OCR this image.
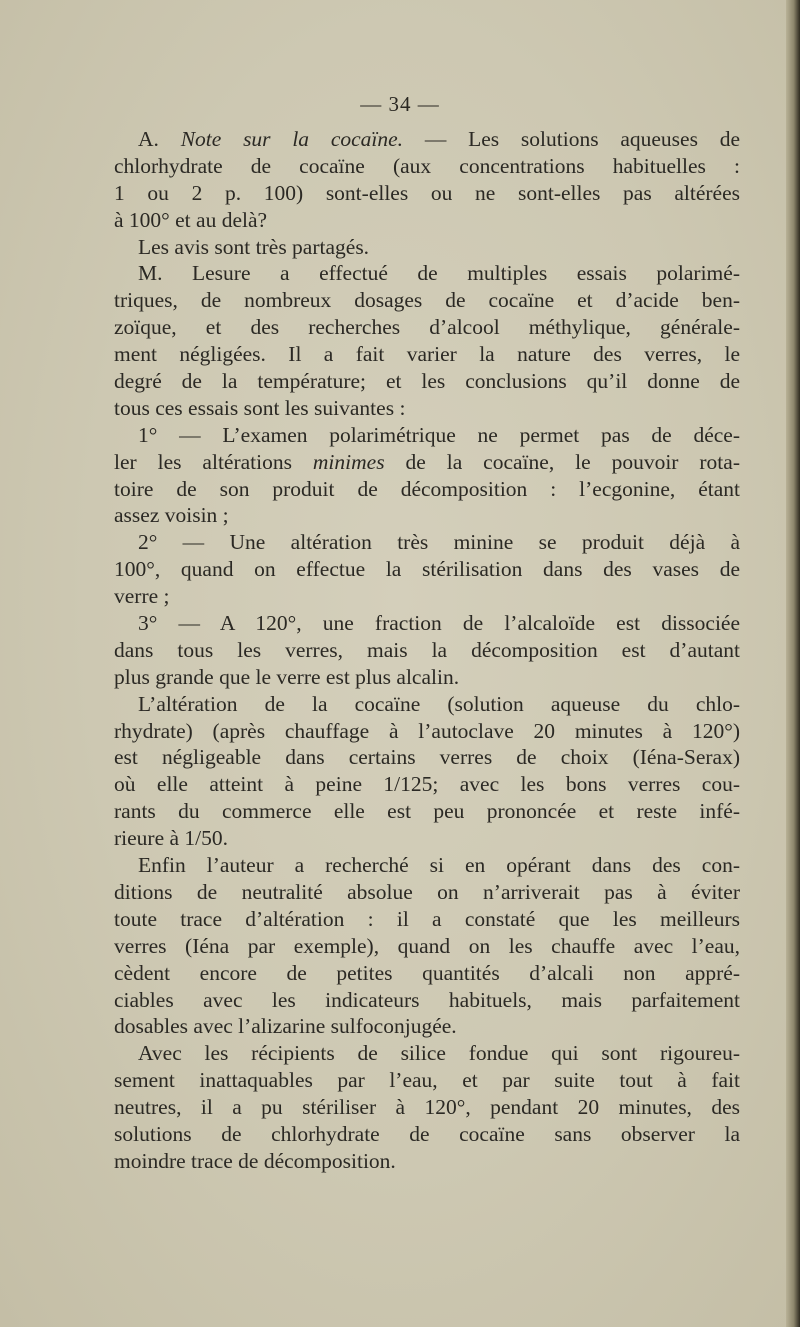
— 34 —
A. Note sur la cocaïne. — Les solutions aqueuses de
chlorhydrate de cocaïne (aux concentrations habituelles :
1 ou 2 p. 100) sont-elles ou ne sont-elles pas altérées
à 100° et au delà?
Les avis sont très partagés.
M. Lesure a effectué de multiples essais polarimé-
triques, de nombreux dosages de cocaïne et d’acide ben-
zoïque, et des recherches d’alcool méthylique, générale-
ment négligées. Il a fait varier la nature des verres, le
degré de la température; et les conclusions qu’il donne de
tous ces essais sont les suivantes :
1° — L’examen polarimétrique ne permet pas de déce-
ler les altérations minimes de la cocaïne, le pouvoir rota-
toire de son produit de décomposition : l’ecgonine, étant
assez voisin ;
2° — Une altération très minine se produit déjà à
100°, quand on effectue la stérilisation dans des vases de
verre ;
3° — A 120°, une fraction de l’alcaloïde est dissociée
dans tous les verres, mais la décomposition est d’autant
plus grande que le verre est plus alcalin.
L’altération de la cocaïne (solution aqueuse du chlo-
rhydrate) (après chauffage à l’autoclave 20 minutes à 120°)
est négligeable dans certains verres de choix (Iéna-Serax)
où elle atteint à peine 1/125; avec les bons verres cou-
rants du commerce elle est peu prononcée et reste infé-
rieure à 1/50.
Enfin l’auteur a recherché si en opérant dans des con-
ditions de neutralité absolue on n’arriverait pas à éviter
toute trace d’altération : il a constaté que les meilleurs
verres (Iéna par exemple), quand on les chauffe avec l’eau,
cèdent encore de petites quantités d’alcali non appré-
ciables avec les indicateurs habituels, mais parfaitement
dosables avec l’alizarine sulfoconjugée.
Avec les récipients de silice fondue qui sont rigoureu-
sement inattaquables par l’eau, et par suite tout à fait
neutres, il a pu stériliser à 120°, pendant 20 minutes, des
solutions de chlorhydrate de cocaïne sans observer la
moindre trace de décomposition.
